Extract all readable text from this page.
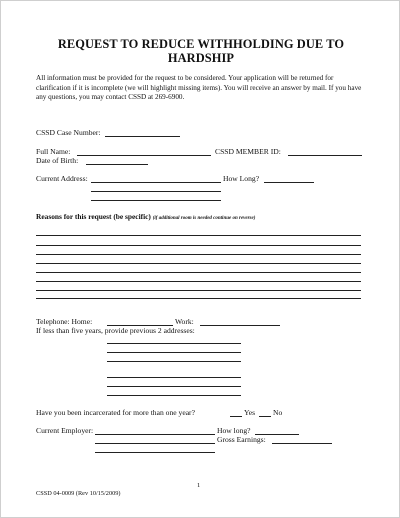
REQUEST TO REDUCE WITHHOLDING DUE TO HARDSHIP
All information must be provided for the request to be considered. Your application will be returned for clarification if it is incomplete (we will highlight missing items). You will receive an answer by mail. If you have any questions, you may contact CSSD at 269-6900.
CSSD Case Number:
Full Name:	CSSD MEMBER ID:
Date of Birth:
Current Address:	How Long?
Reasons for this request (be specific) (if additional room is needed continue on reverse)
Telephone: Home:	Work:
If less than five years, provide previous 2 addresses:
Have you been incarcerated for more than one year?	Yes No
Current Employer:	How long?
Gross Earnings:
1
CSSD 04-0009 (Rev 10/15/2009)
